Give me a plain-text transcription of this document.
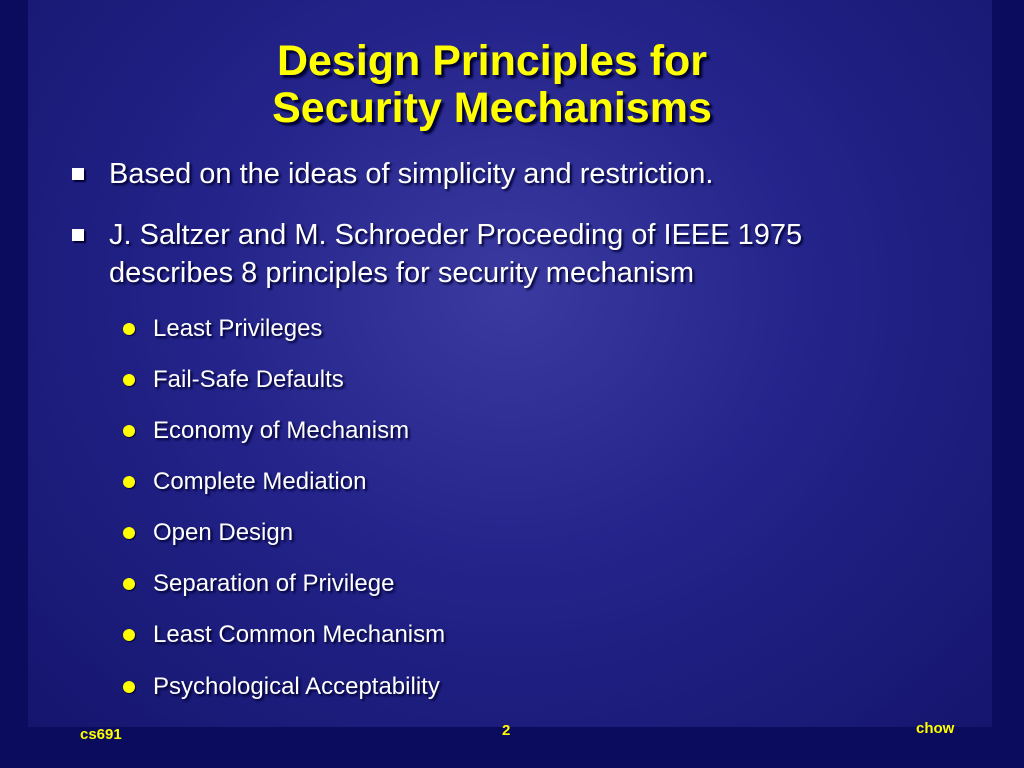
Design Principles for
Security Mechanisms
Based on the ideas of simplicity and restriction.
J. Saltzer and M. Schroeder Proceeding of IEEE 1975
describes 8 principles for security mechanism
Least Privileges
Fail-Safe Defaults
Economy of Mechanism
Complete Mediation
Open Design
Separation of Privilege
Least Common Mechanism
Psychological Acceptability
cs691	2	chow
